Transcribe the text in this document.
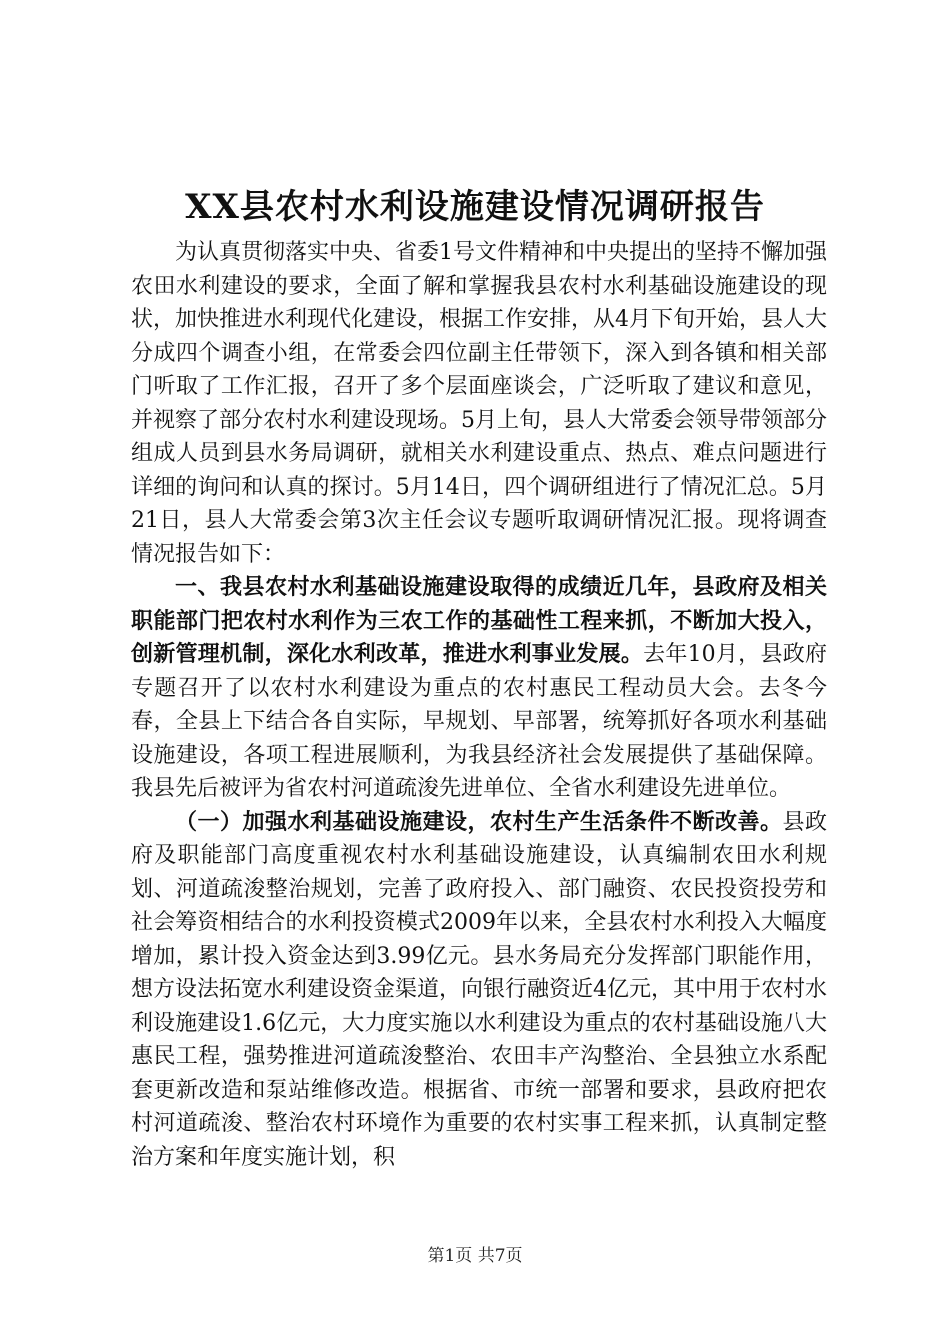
XX县农村水利设施建设情况调研报告

为认真贯彻落实中央、省委1号文件精神和中央提出的坚持不懈加强农田水利建设的要求，全面了解和掌握我县农村水利基础设施建设的现状，加快推进水利现代化建设，根据工作安排，从4月下旬开始，县人大分成四个调查小组，在常委会四位副主任带领下，深入到各镇和相关部门听取了工作汇报，召开了多个层面座谈会，广泛听取了建议和意见，并视察了部分农村水利建设现场。5月上旬，县人大常委会领导带领部分组成人员到县水务局调研，就相关水利建设重点、热点、难点问题进行详细的询问和认真的探讨。5月14日，四个调研组进行了情况汇总。5月21日，县人大常委会第3次主任会议专题听取调研情况汇报。现将调查情况报告如下：

一、我县农村水利基础设施建设取得的成绩近几年，县政府及相关职能部门把农村水利作为三农工作的基础性工程来抓，不断加大投入，创新管理机制，深化水利改革，推进水利事业发展。去年10月，县政府专题召开了以农村水利建设为重点的农村惠民工程动员大会。去冬今春，全县上下结合各自实际，早规划、早部署，统筹抓好各项水利基础设施建设，各项工程进展顺利，为我县经济社会发展提供了基础保障。我县先后被评为省农村河道疏浚先进单位、全省水利建设先进单位。

（一）加强水利基础设施建设，农村生产生活条件不断改善。县政府及职能部门高度重视农村水利基础设施建设，认真编制农田水利规划、河道疏浚整治规划，完善了政府投入、部门融资、农民投资投劳和社会筹资相结合的水利投资模式2009年以来，全县农村水利投入大幅度增加，累计投入资金达到3.99亿元。县水务局充分发挥部门职能作用，想方设法拓宽水利建设资金渠道，向银行融资近4亿元，其中用于农村水利设施建设1.6亿元，大力度实施以水利建设为重点的农村基础设施八大惠民工程，强势推进河道疏浚整治、农田丰产沟整治、全县独立水系配套更新改造和泵站维修改造。根据省、市统一部署和要求，县政府把农村河道疏浚、整治农村环境作为重要的农村实事工程来抓，认真制定整治方案和年度实施计划，积

第1页 共7页
